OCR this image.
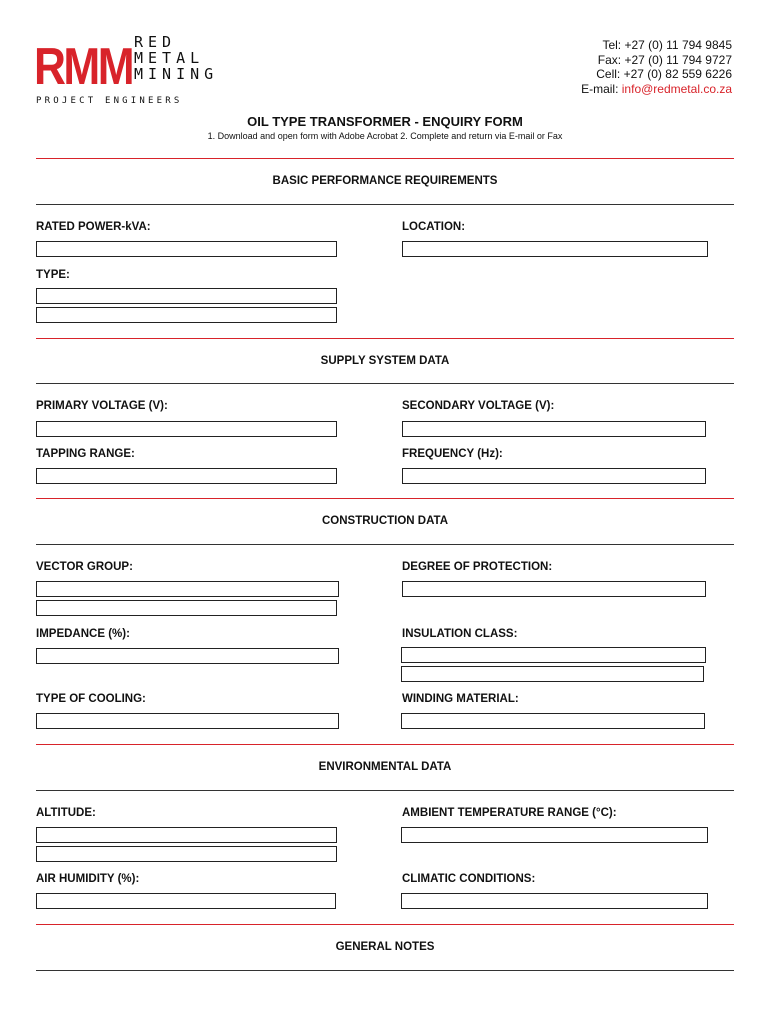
RMM RED
METAL
MINING
PROJECT ENGINEERS
Tel: +27 (0) 11 794 9845
Fax: +27 (0) 11 794 9727
Cell: +27 (0) 82 559 6226
E-mail: info@redmetal.co.za
OIL TYPE TRANSFORMER - ENQUIRY FORM
1. Download and open form with Adobe Acrobat 2. Complete and return via E-mail or Fax
BASIC PERFORMANCE REQUIREMENTS
RATED POWER-kVA:	LOCATION:
TYPE:
SUPPLY SYSTEM DATA
PRIMARY VOLTAGE (V):	SECONDARY VOLTAGE (V):
TAPPING RANGE:	FREQUENCY (Hz):
CONSTRUCTION DATA
VECTOR GROUP:	DEGREE OF PROTECTION:
IMPEDANCE (%):	INSULATION CLASS:
TYPE OF COOLING:	WINDING MATERIAL:
ENVIRONMENTAL DATA
ALTITUDE:	AMBIENT TEMPERATURE RANGE (°C):
AIR HUMIDITY (%):	CLIMATIC CONDITIONS:
GENERAL NOTES
